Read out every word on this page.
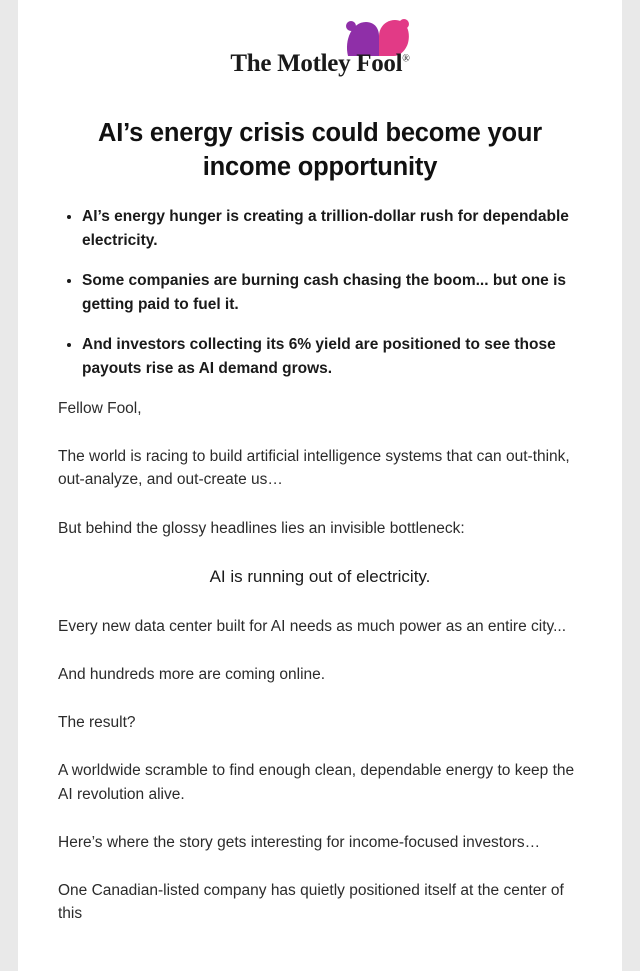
The Motley Fool®
AI’s energy crisis could become your income opportunity
• AI’s energy hunger is creating a trillion-dollar rush for dependable electricity.
• Some companies are burning cash chasing the boom... but one is getting paid to fuel it.
• And investors collecting its 6% yield are positioned to see those payouts rise as AI demand grows.

Fellow Fool,

The world is racing to build artificial intelligence systems that can out-think, out-analyze, and out-create us…

But behind the glossy headlines lies an invisible bottleneck:

AI is running out of electricity.

Every new data center built for AI needs as much power as an entire city...

And hundreds more are coming online.

The result?

A worldwide scramble to find enough clean, dependable energy to keep the AI revolution alive.

Here’s where the story gets interesting for income-focused investors…

One Canadian-listed company has quietly positioned itself at the center of this
